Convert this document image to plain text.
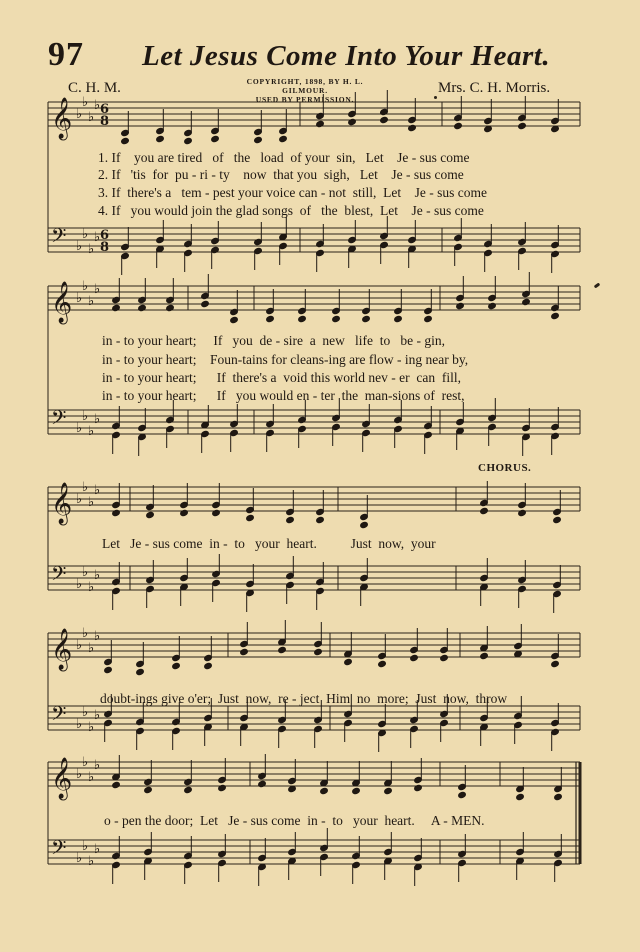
97 Let Jesus Come Into Your Heart.
C. H. M.	COPYRIGHT, 1898, BY H. L. GILMOUR.
USED BY PERMISSION.
Mrs. C. H. Morris.
𝄞 ♭
♭
♭
♭
𝄢 ♭
♭
♭
♭
𝄞 ♭
♭
♭
♭
𝄢 ♭
♭
♭
♭
𝄞 ♭
♭
♭
♭
𝄢 ♭
♭
♭
♭
𝄞 ♭
♭
♭
♭
𝄢 ♭
♭
♭
♭
𝄞 ♭
♭
♭
♭
𝄢 ♭
♭
♭
♭
6
8
6
8
1. If    you are tired   of   the   load  of your  sin,   Let    Je - sus come
2. If   'tis  for  pu - ri - ty    now  that you  sigh,   Let    Je - sus come
3. If  there's a   tem - pest your voice can - not  still,  Let    Je - sus come
4. If   you would join the glad songs  of   the  blest,  Let    Je - sus come
in - to your heart;     If   you  de - sire  a  new   life  to   be - gin,
in - to your heart;    Foun-tains for cleans-ing are flow - ing near by,
in - to your heart;      If  there's a  void this world nev - er  can  fill,
in - to your heart;      If   you would en - ter  the  man-sions of  rest,
CHORUS.
Let   Je - sus come  in -  to   your  heart.          Just  now,  your
doubt-ings give o'er;  Just  now,  re - ject  Him  no  more;  Just  now,  throw
o - pen the door;  Let   Je - sus come  in -  to   your  heart.     A - MEN.
